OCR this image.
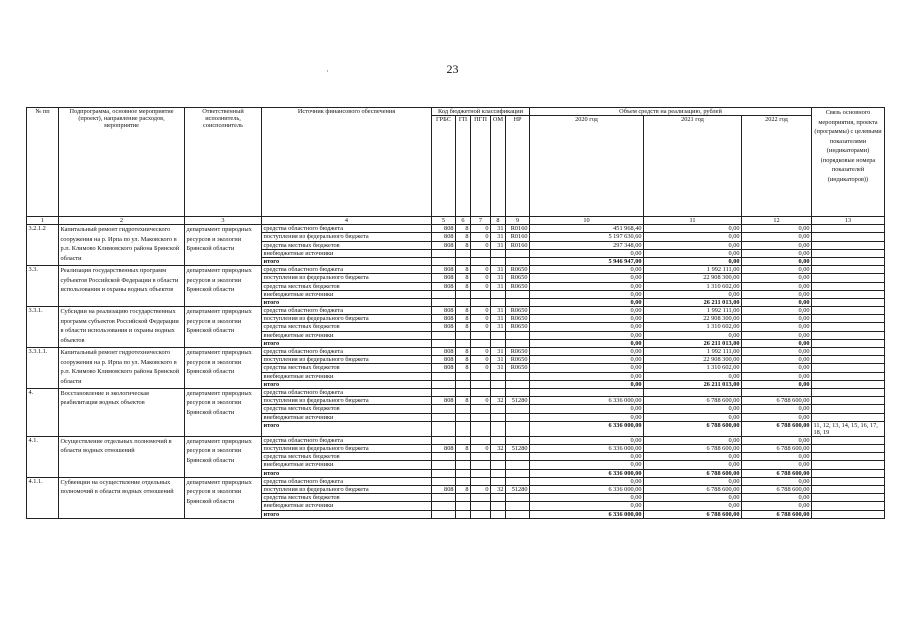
·	23
№ пп	Подпрограмма, основное мероприятие (проект), направление расходов, мероприятие	Ответственный исполнитель, соисполнитель	Источник финансового обеспечения	Код бюджетной классификации					Объем средств на реализацию, рублей			Связь основного мероприятия, проекта (программы) с целевыми показателями (индикаторами) (порядковые номера показателей (индикаторов))
				ГРБС	ГП	ПГП	ОМ	НР	2020 год	2021 год	2022 год	
1	2	3	4	5	6	7	8	9	10	11	12	13
3.2.1.2	Капитальный ремонт гидротехнического сооружения на р. Ирпа по ул. Маковского в р.п. Климово Климовского района Брянской области	департамент природных ресурсов и экологии Брянской области	средства областного бюджета	808	8	0	31	R0160	451 968,40	0,00	0,00	
			поступления из федерального бюджета	808	8	0	31	R0160	5 197 630,60	0,00	0,00	
			средства местных бюджетов	808	8	0	31	R0160	297 348,00	0,00	0,00	
			внебюджетные источники						0,00	0,00	0,00	
			итого						5 946 947,00	0,00	0,00	
3.3.	Реализация государственных программ субъектов Российской Федерации в области использования и охраны водных объектов	департамент природных ресурсов и экологии Брянской области	средства областного бюджета	808	8	0	31	R0650	0,00	1 992 111,00	0,00	
			поступления из федерального бюджета	808	8	0	31	R0650	0,00	22 908 300,00	0,00	
			средства местных бюджетов	808	8	0	31	R0650	0,00	1 310 602,00	0,00	
			внебюджетные источники						0,00	0,00	0,00	
			итого						0,00	26 211 013,00	0,00	
3.3.1.	Субсидии на реализацию государственных программ субъектов Российской Федерации в области использования и охраны водных объектов	департамент природных ресурсов и экологии Брянской области	средства областного бюджета	808	8	0	31	R0650	0,00	1 992 111,00	0,00	
			поступления из федерального бюджета	808	8	0	31	R0650	0,00	22 908 300,00	0,00	
			средства местных бюджетов	808	8	0	31	R0650	0,00	1 310 602,00	0,00	
			внебюджетные источники						0,00	0,00	0,00	
			итого						0,00	26 211 013,00	0,00	
3.3.1.1.	Капитальный ремонт гидротехнического сооружения на р. Ирпа по ул. Маковского в р.п. Климово Климовского района Брянской области	департамент природных ресурсов и экологии Брянской области	средства областного бюджета	808	8	0	31	R0650	0,00	1 992 111,00	0,00	
			поступления из федерального бюджета	808	8	0	31	R0650	0,00	22 908 300,00	0,00	
			средства местных бюджетов	808	8	0	31	R0650	0,00	1 310 602,00	0,00	
			внебюджетные источники						0,00	0,00	0,00	
			итого						0,00	26 211 013,00	0,00	
4.	Восстановление и экологическая реабилитация водных объектов	департамент природных ресурсов и экологии Брянской области	средства областного бюджета									
			поступления из федерального бюджета	808	8	0	32	51280	6 336 000,00	6 788 600,00	6 788 600,00	
			средства местных бюджетов						0,00	0,00	0,00	
			внебюджетные источники						0,00	0,00	0,00	
			итого						6 336 000,00	6 788 600,00	6 788 600,00	11, 12, 13, 14, 15, 16, 17, 18, 19
4.1.	Осуществление отдельных полномочий в области водных отношений	департамент природных ресурсов и экологии Брянской области	средства областного бюджета						0,00	0,00	0,00	
			поступления из федерального бюджета	808	8	0	32	51280	6 336 000,00	6 788 600,00	6 788 600,00	
			средства местных бюджетов						0,00	0,00	0,00	
			внебюджетные источники						0,00	0,00	0,00	
			итого						6 336 000,00	6 788 600,00	6 788 600,00	
4.1.1.	Субвенции на осуществление отдельных полномочий в области водных отношений	департамент природных ресурсов и экологии Брянской области	средства областного бюджета						0,00	0,00	0,00	
			поступления из федерального бюджета	808	8	0	32	51280	6 336 000,00	6 788 600,00	6 788 600,00	
			средства местных бюджетов						0,00	0,00	0,00	
			внебюджетные источники						0,00	0,00	0,00	
			итого						6 336 000,00	6 788 600,00	6 788 600,00	
